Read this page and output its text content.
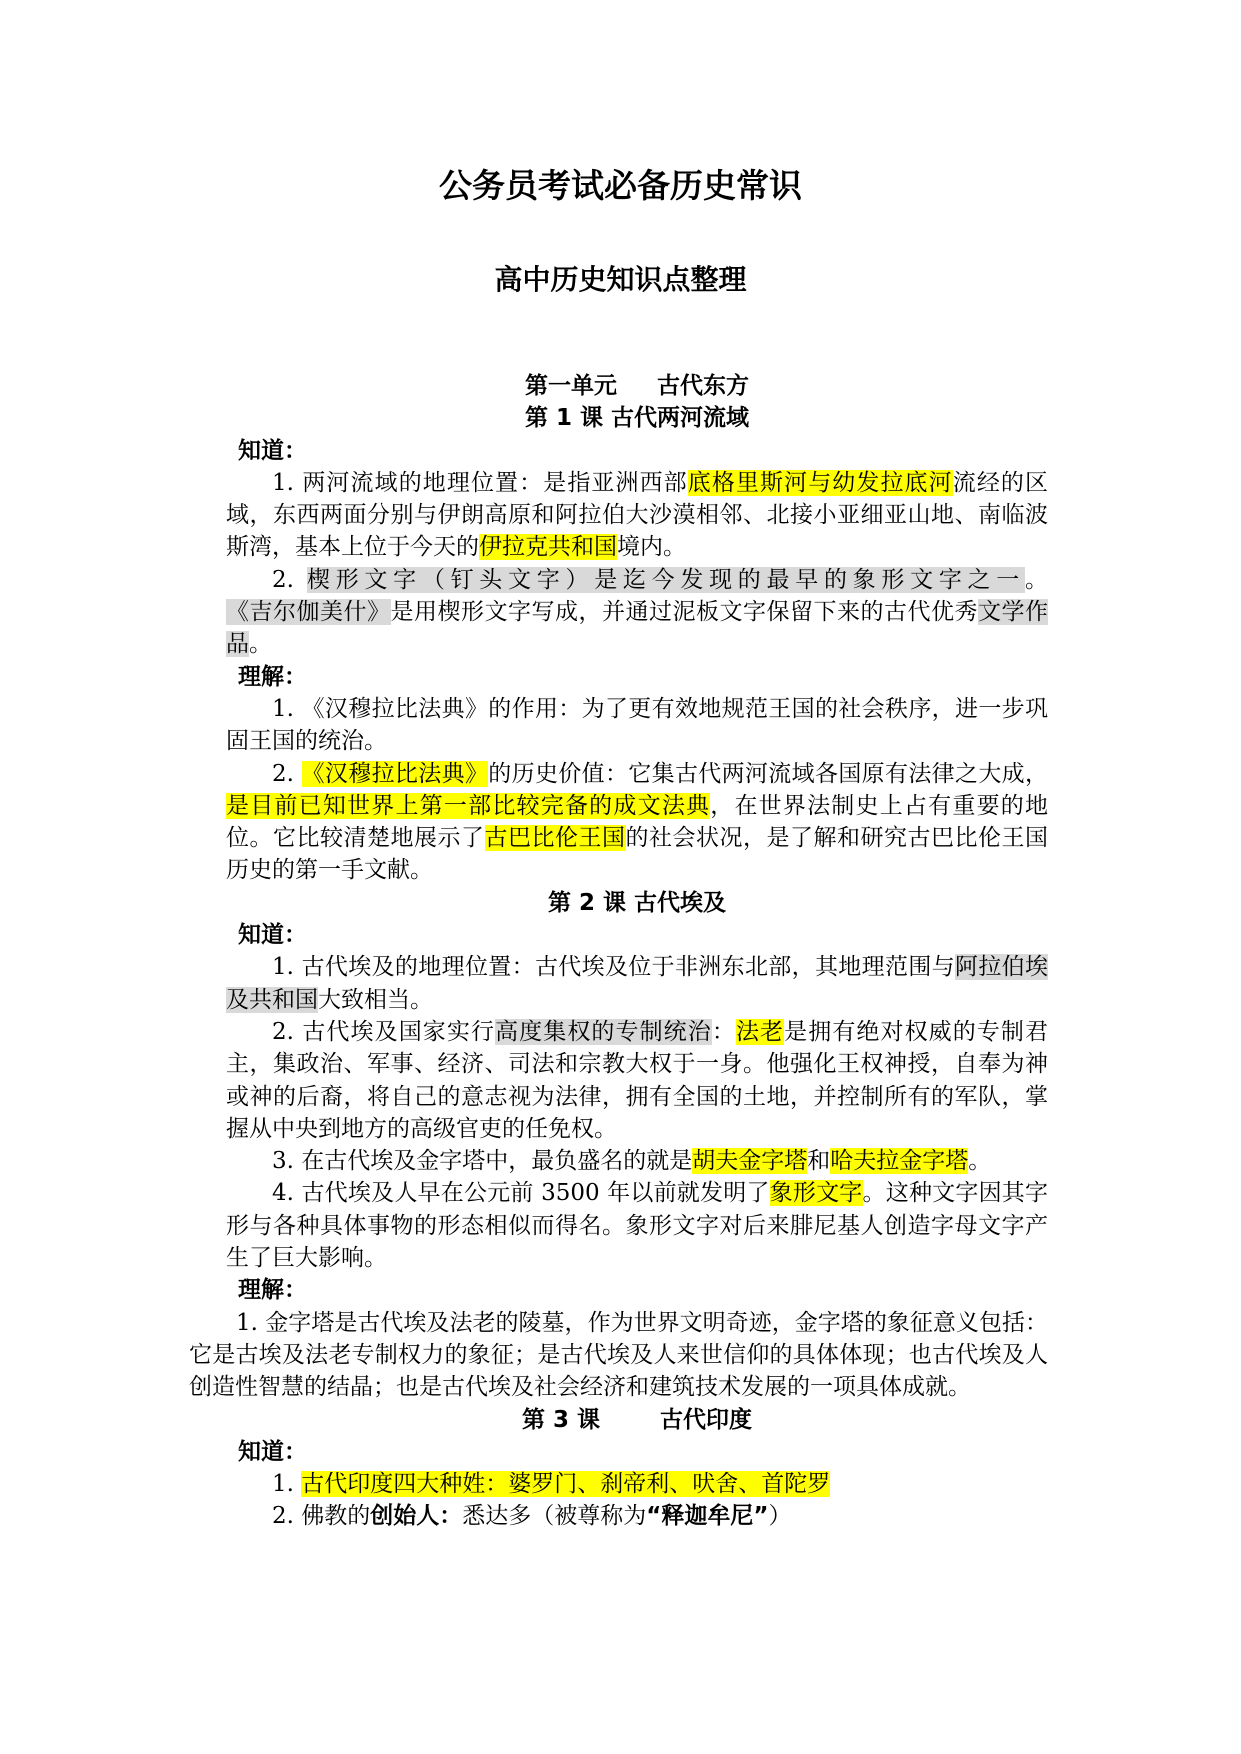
公务员考试必备历史常识
高中历史知识点整理
第一单元 古代东方
第 1 课 古代两河流域
知道：
1. 两河流域的地理位置：是指亚洲西部底格里斯河与幼发拉底河流经的区域，东西两面分别与伊朗高原和阿拉伯大沙漠相邻、北接小亚细亚山地、南临波斯湾，基本上位于今天的伊拉克共和国境内。
2. 楔形文字（钉头文字）是迄今发现的最早的象形文字之一。《吉尔伽美什》是用楔形文字写成，并通过泥板文字保留下来的古代优秀文学作品。
理解：
1. 《汉穆拉比法典》的作用：为了更有效地规范王国的社会秩序，进一步巩固王国的统治。
2. 《汉穆拉比法典》的历史价值：它集古代两河流域各国原有法律之大成，是目前已知世界上第一部比较完备的成文法典，在世界法制史上占有重要的地位。它比较清楚地展示了古巴比伦王国的社会状况，是了解和研究古巴比伦王国历史的第一手文献。
第 2 课 古代埃及
知道：
1. 古代埃及的地理位置：古代埃及位于非洲东北部，其地理范围与阿拉伯埃及共和国大致相当。
2. 古代埃及国家实行高度集权的专制统治：法老是拥有绝对权威的专制君主，集政治、军事、经济、司法和宗教大权于一身。他强化王权神授，自奉为神或神的后裔，将自己的意志视为法律，拥有全国的土地，并控制所有的军队，掌握从中央到地方的高级官吏的任免权。
3. 在古代埃及金字塔中，最负盛名的就是胡夫金字塔和哈夫拉金字塔。
4. 古代埃及人早在公元前 3500 年以前就发明了象形文字。这种文字因其字形与各种具体事物的形态相似而得名。象形文字对后来腓尼基人创造字母文字产生了巨大影响。
理解：
1. 金字塔是古代埃及法老的陵墓，作为世界文明奇迹，金字塔的象征意义包括：它是古埃及法老专制权力的象征；是古代埃及人来世信仰的具体体现；也古代埃及人创造性智慧的结晶；也是古代埃及社会经济和建筑技术发展的一项具体成就。
第 3 课	古代印度
知道：
1. 古代印度四大种姓：婆罗门、刹帝利、吠舍、首陀罗
2. 佛教的创始人：悉达多（被尊称为“释迦牟尼”）
